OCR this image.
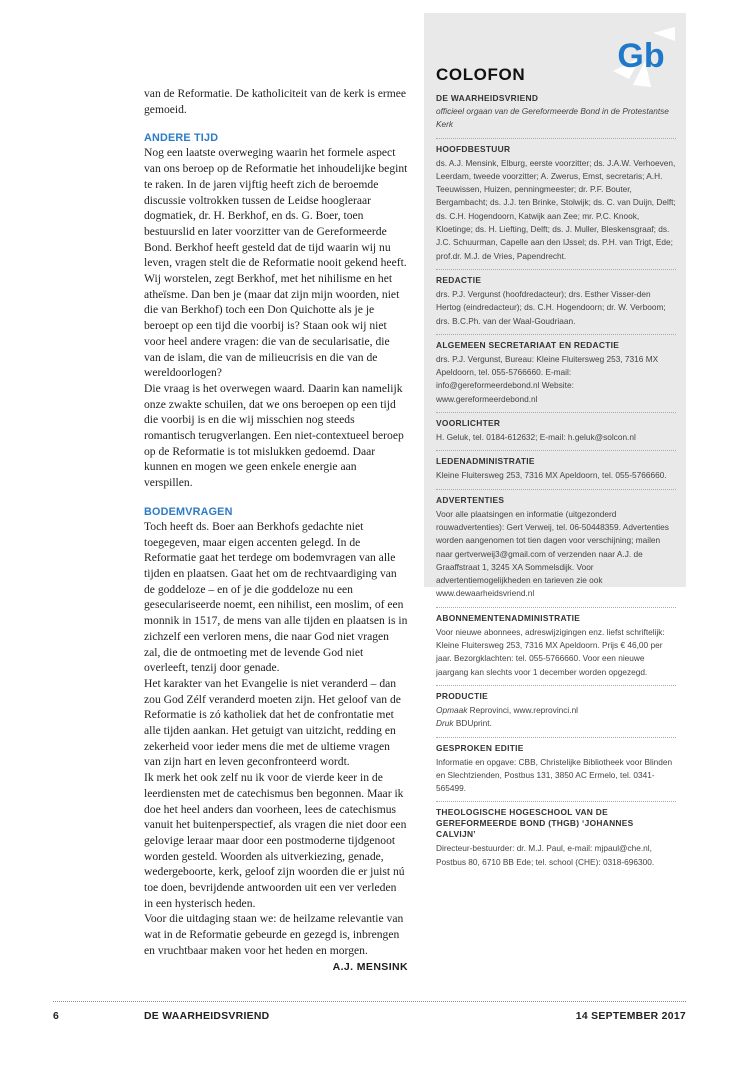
van de Reformatie. De katholiciteit van de kerk is ermee gemoeid.

ANDERE TIJD

Nog een laatste overweging waarin het formele aspect van ons beroep op de Reformatie het inhoudelijke begint te raken. In de jaren vijftig heeft zich de beroemde discussie voltrokken tussen de Leidse hoogleraar dogmatiek, dr. H. Berkhof, en ds. G. Boer, toen bestuurslid en later voorzitter van de Gereformeerde Bond. Berkhof heeft gesteld dat de tijd waarin wij nu leven, vragen stelt die de Reformatie nooit gekend heeft. Wij worstelen, zegt Berkhof, met het nihilisme en het atheïsme. Dan ben je (maar dat zijn mijn woorden, niet die van Berkhof) toch een Don Quichotte als je je beroept op een tijd die voorbij is? Staan ook wij niet voor heel andere vragen: die van de secularisatie, die van de islam, die van de milieucrisis en die van de wereldoorlogen?

Die vraag is het overwegen waard. Daarin kan namelijk onze zwakte schuilen, dat we ons beroepen op een tijd die voorbij is en die wij misschien nog steeds romantisch terugverlangen. Een niet-contextueel beroep op de Reformatie is tot mislukken gedoemd. Daar kunnen en mogen we geen enkele energie aan verspillen.

BODEMVRAGEN

Toch heeft ds. Boer aan Berkhofs gedachte niet toegegeven, maar eigen accenten gelegd. In de Reformatie gaat het terdege om bodemvragen van alle tijden en plaatsen. Gaat het om de rechtvaardiging van de goddeloze – en of je die goddeloze nu een geseculariseerde noemt, een nihilist, een moslim, of een monnik in 1517, de mens van alle tijden en plaatsen is in zichzelf een verloren mens, die naar God niet vragen zal, die de ontmoeting met de levende God niet overleeft, tenzij door genade.

Het karakter van het Evangelie is niet veranderd – dan zou God Zélf veranderd moeten zijn. Het geloof van de Reformatie is zó katholiek dat het de confrontatie met alle tijden aankan. Het getuigt van uitzicht, redding en zekerheid voor ieder mens die met de ultieme vragen van zijn hart en leven geconfronteerd wordt.

Ik merk het ook zelf nu ik voor de vierde keer in de leerdiensten met de catechismus ben begonnen. Maar ik doe het heel anders dan voorheen, lees de catechismus vanuit het buitenperspectief, als vragen die niet door een gelovige leraar maar door een postmoderne tijdgenoot worden gesteld. Woorden als uitverkiezing, genade, wedergeboorte, kerk, geloof zijn woorden die er juist nú toe doen, bevrijdende antwoorden uit een ver verleden in een hysterisch heden.

Voor die uitdaging staan we: de heilzame relevantie van wat in de Reformatie gebeurde en gezegd is, inbrengen en vruchtbaar maken voor het heden en morgen.

A.J. MENSINK
COLOFON
DE WAARHEIDSVRIEND
officieel orgaan van de Gereformeerde Bond in de Protestantse Kerk
HOOFDBESTUUR
ds. A.J. Mensink, Elburg, eerste voorzitter; ds. J.A.W. Verhoeven, Leerdam, tweede voorzitter; A. Zwerus, Emst, secretaris; A.H. Teeuwissen, Huizen, penningmeester; dr. P.F. Bouter, Bergambacht; ds. J.J. ten Brinke, Stolwijk; ds. C. van Duijn, Delft; ds. C.H. Hogendoorn, Katwijk aan Zee; mr. P.C. Knook, Kloetinge; ds. H. Liefting, Delft; ds. J. Muller, Bleskensgraaf; ds. J.C. Schuurman, Capelle aan den IJssel; ds. P.H. van Trigt, Ede; prof.dr. M.J. de Vries, Papendrecht.
REDACTIE
drs. P.J. Vergunst (hoofdredacteur); drs. Esther Visser-den Hertog (eindredacteur); ds. C.H. Hogendoorn; dr. W. Verboom; drs. B.C.Ph. van der Waal-Goudriaan.
ALGEMEEN SECRETARIAAT EN REDACTIE
drs. P.J. Vergunst, Bureau: Kleine Fluitersweg 253, 7316 MX Apeldoorn, tel. 055-5766660. E-mail: info@gereformeerdebond.nl Website: www.gereformeerdebond.nl
VOORLICHTER
H. Geluk, tel. 0184-612632; E-mail: h.geluk@solcon.nl
LEDENADMINISTRATIE
Kleine Fluitersweg 253, 7316 MX Apeldoorn, tel. 055-5766660.
ADVERTENTIES
Voor alle plaatsingen en informatie (uitgezonderd rouwadvertenties): Gert Verweij, tel. 06-50448359. Advertenties worden aangenomen tot tien dagen voor verschijning; mailen naar gertverweij3@gmail.com of verzenden naar A.J. de Graaffstraat 1, 3245 XA Sommelsdijk. Voor advertentiemogelijkheden en tarieven zie ook www.dewaarheidsvriend.nl
ABONNEMENTENADMINISTRATIE
Voor nieuwe abonnees, adreswijzigingen enz. liefst schriftelijk: Kleine Fluitersweg 253, 7316 MX Apeldoorn. Prijs € 46,00 per jaar. Bezorgklachten: tel. 055-5766660. Voor een nieuwe jaargang kan slechts voor 1 december worden opgezegd.
PRODUCTIE
Opmaak Reprovinci, www.reprovinci.nl
Druk BDUprint.
GESPROKEN EDITIE
Informatie en opgave: CBB, Christelijke Bibliotheek voor Blinden en Slechtzienden, Postbus 131, 3850 AC Ermelo, tel. 0341-565499.
THEOLOGISCHE HOGESCHOOL VAN DE GEREFORMEERDE BOND (THGB) ‘JOHANNES CALVIJN’
Directeur-bestuurder: dr. M.J. Paul, e-mail: mjpaul@che.nl, Postbus 80, 6710 BB Ede; tel. school (CHE): 0318-696300.
Gb
6	DE WAARHEIDSVRIEND	14 SEPTEMBER 2017
